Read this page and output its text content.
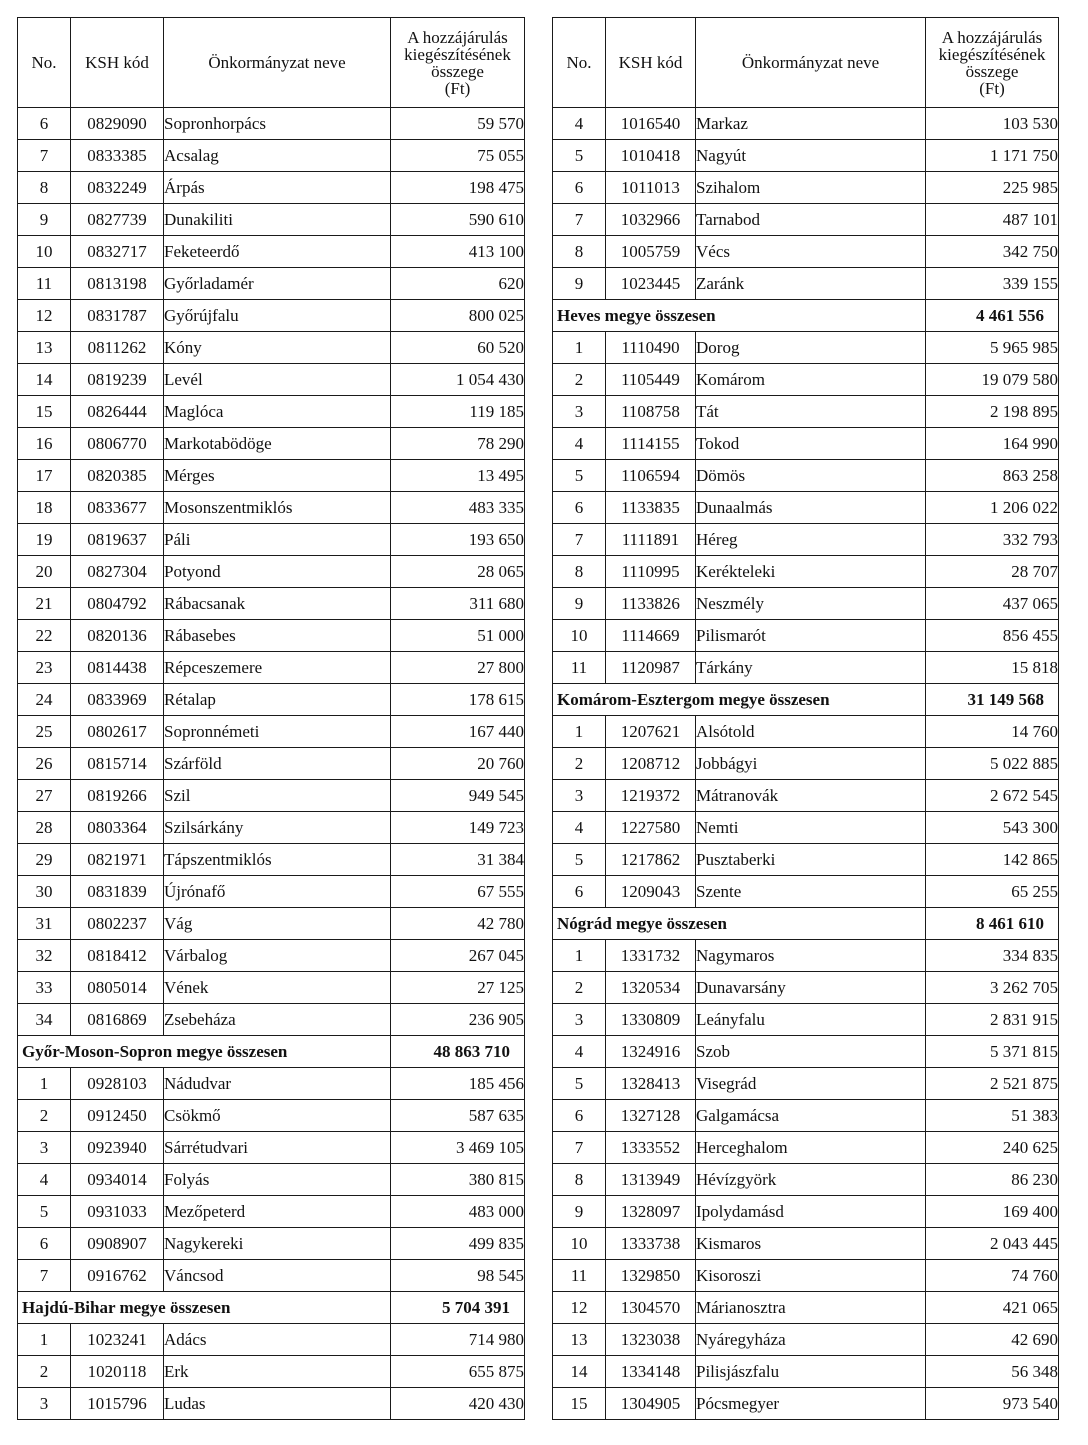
No.	KSH kód	Önkormányzat neve	A hozzájárulás
kiegészítésének
összege
(Ft)
6	0829090	Sopronhorpács	59 570
7	0833385	Acsalag	75 055
8	0832249	Árpás	198 475
9	0827739	Dunakiliti	590 610
10	0832717	Feketeerdő	413 100
11	0813198	Győrladamér	620
12	0831787	Győrújfalu	800 025
13	0811262	Kóny	60 520
14	0819239	Levél	1 054 430
15	0826444	Maglóca	119 185
16	0806770	Markotabödöge	78 290
17	0820385	Mérges	13 495
18	0833677	Mosonszentmiklós	483 335
19	0819637	Páli	193 650
20	0827304	Potyond	28 065
21	0804792	Rábacsanak	311 680
22	0820136	Rábasebes	51 000
23	0814438	Répceszemere	27 800
24	0833969	Rétalap	178 615
25	0802617	Sopronnémeti	167 440
26	0815714	Szárföld	20 760
27	0819266	Szil	949 545
28	0803364	Szilsárkány	149 723
29	0821971	Tápszentmiklós	31 384
30	0831839	Újrónafő	67 555
31	0802237	Vág	42 780
32	0818412	Várbalog	267 045
33	0805014	Vének	27 125
34	0816869	Zsebeháza	236 905
Győr-Moson-Sopron megye összesen			48 863 710
1	0928103	Nádudvar	185 456
2	0912450	Csökmő	587 635
3	0923940	Sárrétudvari	3 469 105
4	0934014	Folyás	380 815
5	0931033	Mezőpeterd	483 000
6	0908907	Nagykereki	499 835
7	0916762	Váncsod	98 545
Hajdú-Bihar megye összesen			5 704 391
1	1023241	Adács	714 980
2	1020118	Erk	655 875
3	1015796	Ludas	420 430
No.	KSH kód	Önkormányzat neve	A hozzájárulás
kiegészítésének
összege
(Ft)
4	1016540	Markaz	103 530
5	1010418	Nagyút	1 171 750
6	1011013	Szihalom	225 985
7	1032966	Tarnabod	487 101
8	1005759	Vécs	342 750
9	1023445	Zaránk	339 155
Heves megye összesen			4 461 556
1	1110490	Dorog	5 965 985
2	1105449	Komárom	19 079 580
3	1108758	Tát	2 198 895
4	1114155	Tokod	164 990
5	1106594	Dömös	863 258
6	1133835	Dunaalmás	1 206 022
7	1111891	Héreg	332 793
8	1110995	Kerékteleki	28 707
9	1133826	Neszmély	437 065
10	1114669	Pilismarót	856 455
11	1120987	Tárkány	15 818
Komárom-Esztergom megye összesen			31 149 568
1	1207621	Alsótold	14 760
2	1208712	Jobbágyi	5 022 885
3	1219372	Mátranovák	2 672 545
4	1227580	Nemti	543 300
5	1217862	Pusztaberki	142 865
6	1209043	Szente	65 255
Nógrád megye összesen			8 461 610
1	1331732	Nagymaros	334 835
2	1320534	Dunavarsány	3 262 705
3	1330809	Leányfalu	2 831 915
4	1324916	Szob	5 371 815
5	1328413	Visegrád	2 521 875
6	1327128	Galgamácsa	51 383
7	1333552	Herceghalom	240 625
8	1313949	Hévízgyörk	86 230
9	1328097	Ipolydamásd	169 400
10	1333738	Kismaros	2 043 445
11	1329850	Kisoroszi	74 760
12	1304570	Márianosztra	421 065
13	1323038	Nyáregyháza	42 690
14	1334148	Pilisjászfalu	56 348
15	1304905	Pócsmegyer	973 540
